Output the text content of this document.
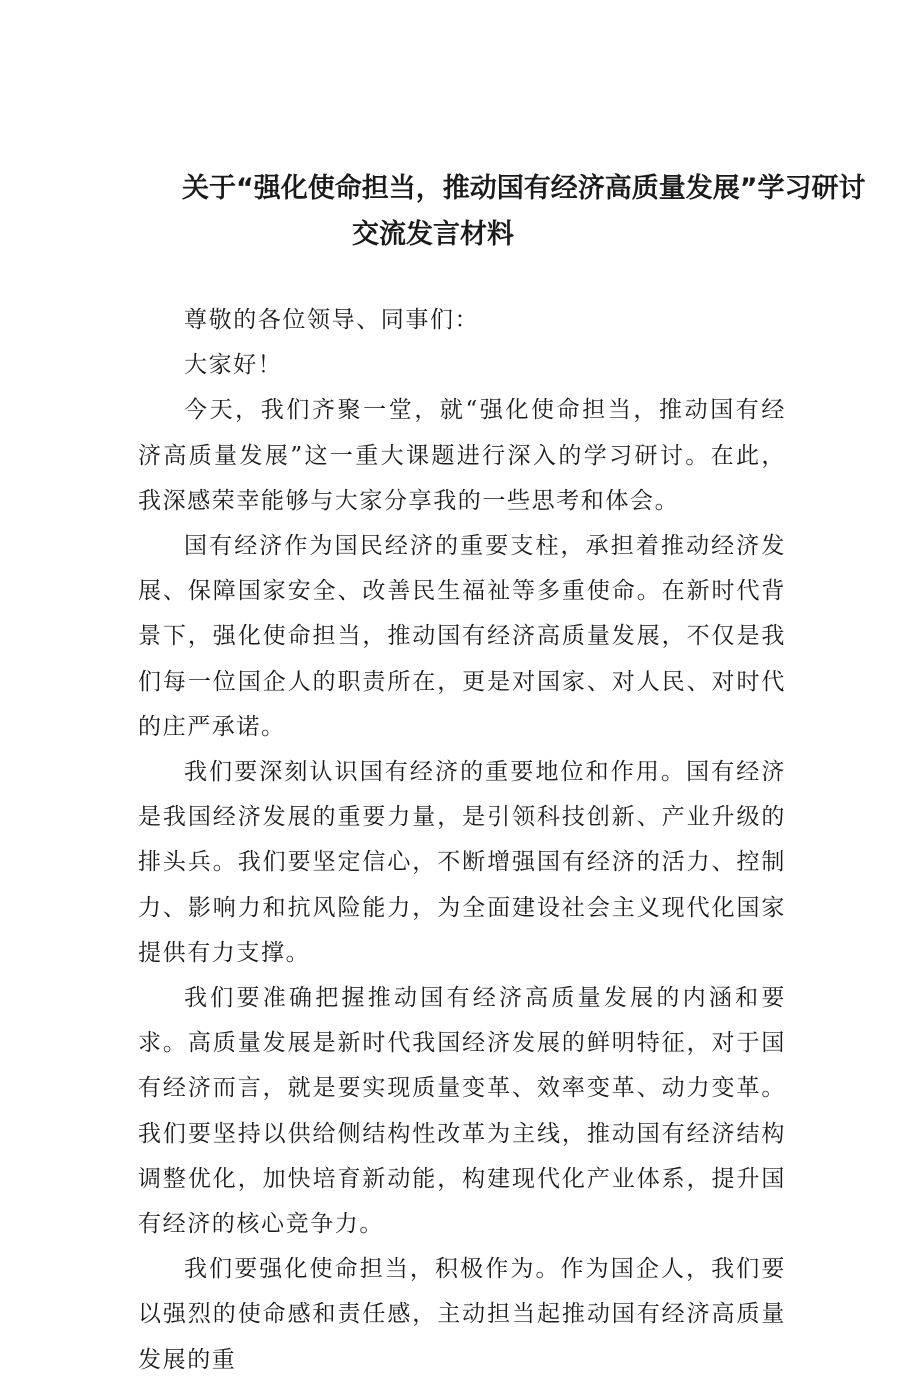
关于“强化使命担当，推动国有经济高质量发展”学习研讨
交流发言材料

尊敬的各位领导、同事们：

大家好！

今天，我们齐聚一堂，就“强化使命担当，推动国有经济高质量发展”这一重大课题进行深入的学习研讨。在此，我深感荣幸能够与大家分享我的一些思考和体会。

国有经济作为国民经济的重要支柱，承担着推动经济发展、保障国家安全、改善民生福祉等多重使命。在新时代背景下，强化使命担当，推动国有经济高质量发展，不仅是我们每一位国企人的职责所在，更是对国家、对人民、对时代的庄严承诺。

我们要深刻认识国有经济的重要地位和作用。国有经济是我国经济发展的重要力量，是引领科技创新、产业升级的排头兵。我们要坚定信心，不断增强国有经济的活力、控制力、影响力和抗风险能力，为全面建设社会主义现代化国家提供有力支撑。

我们要准确把握推动国有经济高质量发展的内涵和要求。高质量发展是新时代我国经济发展的鲜明特征，对于国有经济而言，就是要实现质量变革、效率变革、动力变革。我们要坚持以供给侧结构性改革为主线，推动国有经济结构调整优化，加快培育新动能，构建现代化产业体系，提升国有经济的核心竞争力。

我们要强化使命担当，积极作为。作为国企人，我们要以强烈的使命感和责任感，主动担当起推动国有经济高质量发展的重
